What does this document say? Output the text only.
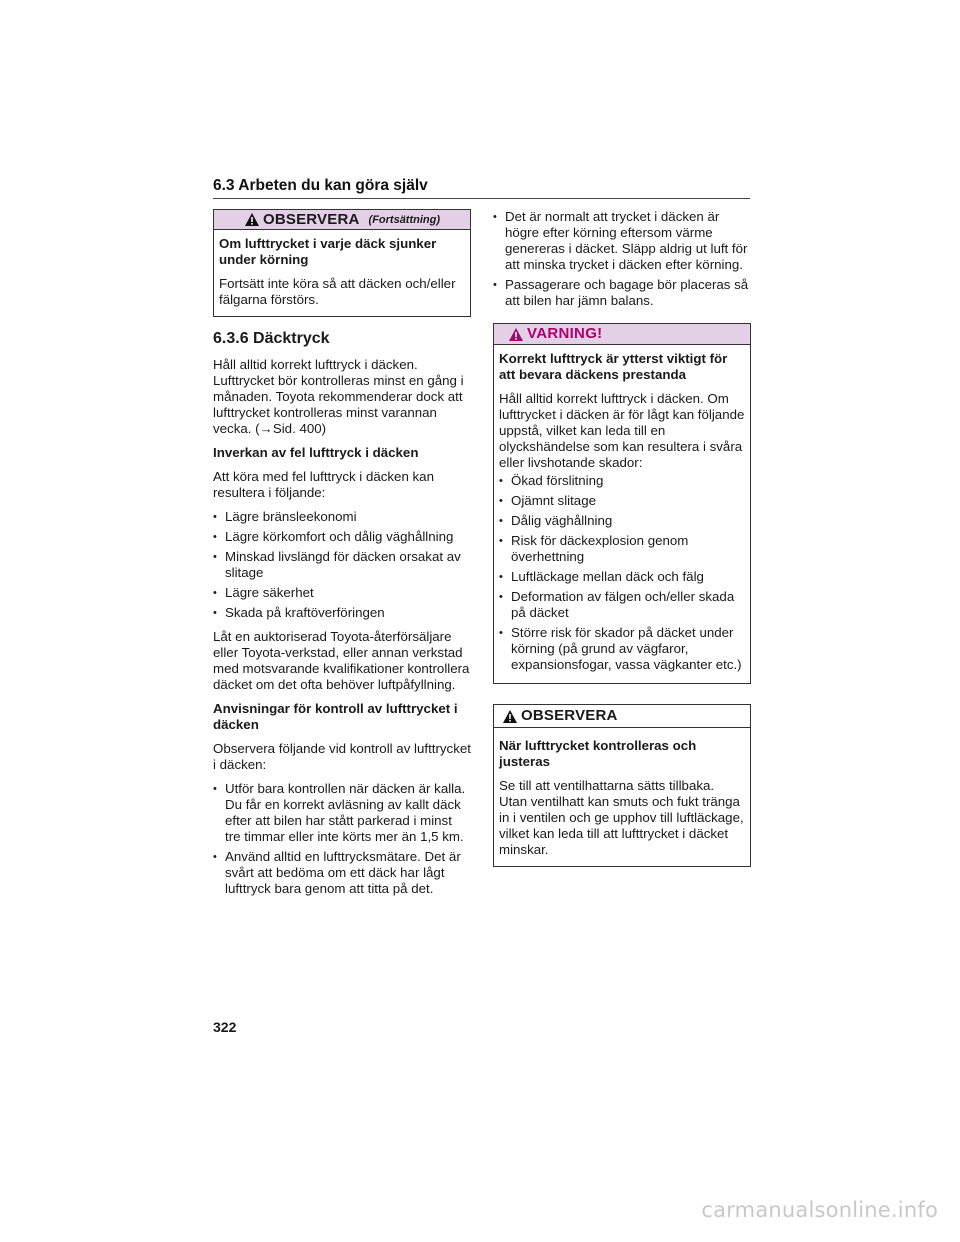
6.3 Arbeten du kan göra själv
OBSERVERA (Fortsättning)

Om lufttrycket i varje däck sjunker under körning

Fortsätt inte köra så att däcken och/eller fälgarna förstörs.

6.3.6 Däcktryck

Håll alltid korrekt lufttryck i däcken. Lufttrycket bör kontrolleras minst en gång i månaden. Toyota rekommenderar dock att lufttrycket kontrolleras minst varannan vecka. (→Sid. 400)

Inverkan av fel lufttryck i däcken

Att köra med fel lufttryck i däcken kan resultera i följande:

• Lägre bränsleekonomi
• Lägre körkomfort och dålig väghållning
• Minskad livslängd för däcken orsakat av slitage
• Lägre säkerhet
• Skada på kraftöverföringen

Låt en auktoriserad Toyota-återförsäljare eller Toyota-verkstad, eller annan verkstad med motsvarande kvalifikationer kontrollera däcket om det ofta behöver luftpåfyllning.

Anvisningar för kontroll av lufttrycket i däcken

Observera följande vid kontroll av lufttrycket i däcken:

• Utför bara kontrollen när däcken är kalla. Du får en korrekt avläsning av kallt däck efter att bilen har stått parkerad i minst tre timmar eller inte körts mer än 1,5 km.
• Använd alltid en lufttrycksmätare. Det är svårt att bedöma om ett däck har lågt lufttryck bara genom att titta på det.
• Det är normalt att trycket i däcken är högre efter körning eftersom värme genereras i däcket. Släpp aldrig ut luft för att minska trycket i däcken efter körning.
• Passagerare och bagage bör placeras så att bilen har jämn balans.
VARNING!

Korrekt lufttryck är ytterst viktigt för att bevara däckens prestanda

Håll alltid korrekt lufttryck i däcken. Om lufttrycket i däcken är för lågt kan följande uppstå, vilket kan leda till en olyckshändelse som kan resultera i svåra eller livshotande skador:

• Ökad förslitning
• Ojämnt slitage
• Dålig väghållning
• Risk för däckexplosion genom överhettning
• Luftläckage mellan däck och fälg
• Deformation av fälgen och/eller skada på däcket
• Större risk för skador på däcket under körning (på grund av vägfaror, expansionsfogar, vassa vägkanter etc.)
OBSERVERA

När lufttrycket kontrolleras och justeras

Se till att ventilhattarna sätts tillbaka. Utan ventilhatt kan smuts och fukt tränga in i ventilen och ge upphov till luftläckage, vilket kan leda till att lufttrycket i däcket minskar.

322
carmanualsonline.info
